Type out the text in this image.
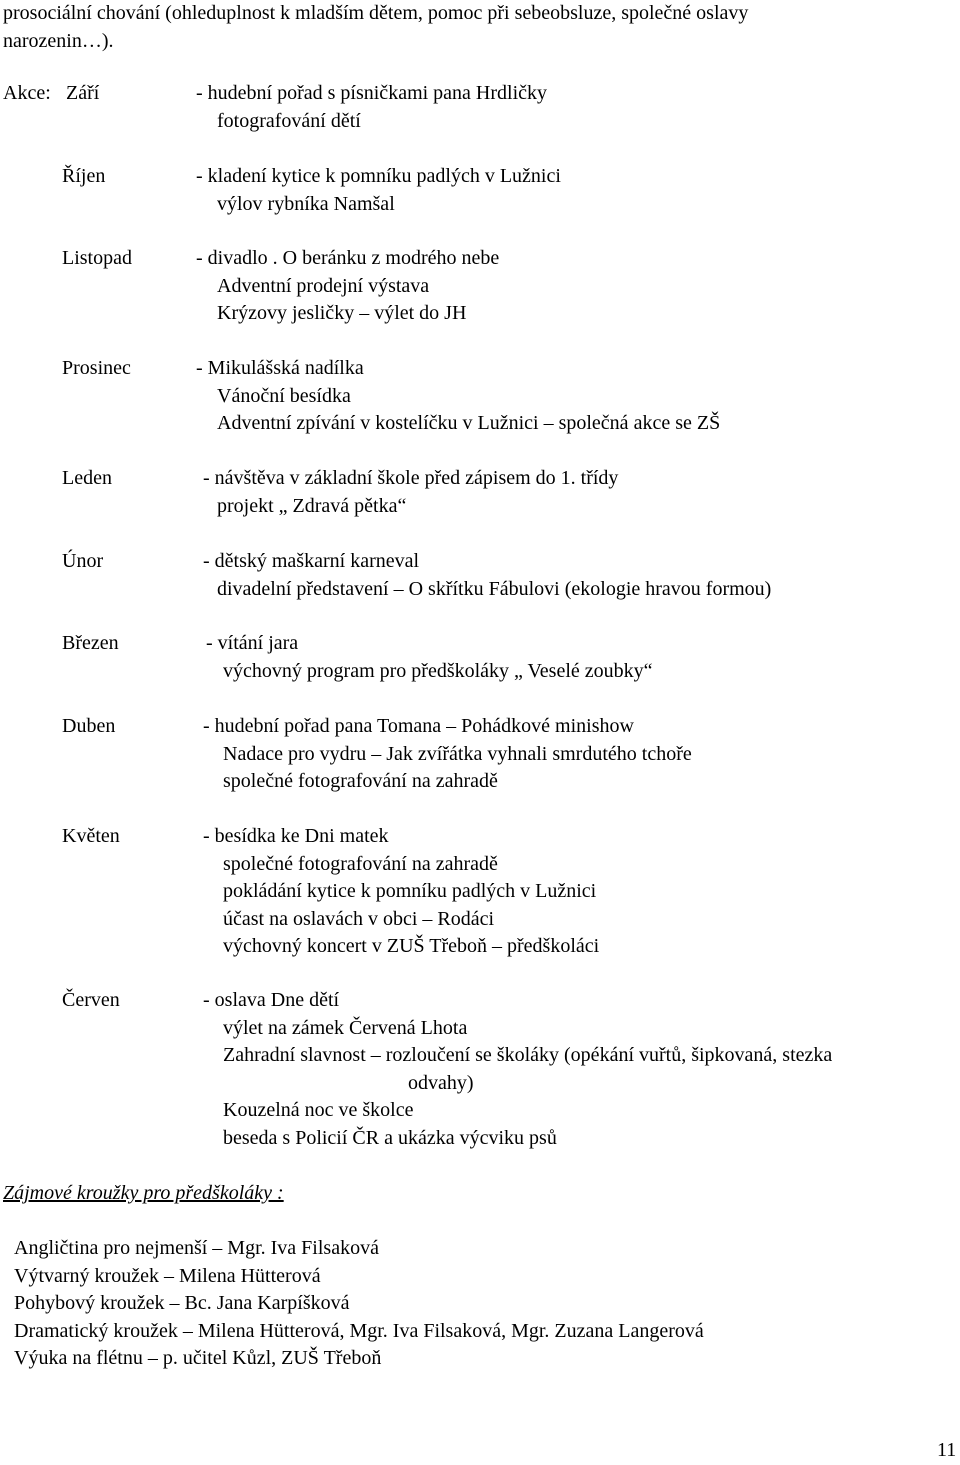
prosociální chování (ohleduplnost k mladším dětem, pomoc při sebeobsluze, společné oslavy
narozenin…).
Akce: Září	- hudební pořad s písničkami pana Hrdličky
fotografování dětí
Říjen	- kladení kytice k pomníku padlých v Lužnici
výlov rybníka Namšal
Listopad	- divadlo . O beránku z modrého nebe
Adventní prodejní výstava
Krýzovy jesličky – výlet do JH
Prosinec	- Mikulášská nadílka
Vánoční besídka
Adventní zpívání v kostelíčku v Lužnici – společná akce se ZŠ
Leden	- návštěva v základní škole před zápisem do 1. třídy
projekt „ Zdravá pětka“
Únor	- dětský maškarní karneval
divadelní představení – O skřítku Fábulovi (ekologie hravou formou)
Březen	- vítání jara
výchovný program pro předškoláky „ Veselé zoubky“
Duben	- hudební pořad pana Tomana – Pohádkové minishow
Nadace pro vydru – Jak zvířátka vyhnali smrdutého tchoře
společné fotografování na zahradě
Květen	- besídka ke Dni matek
společné fotografování na zahradě
pokládání kytice k pomníku padlých v Lužnici
účast na oslavách v obci – Rodáci
výchovný koncert v ZUŠ Třeboň – předškoláci
Červen	- oslava Dne dětí
výlet na zámek Červená Lhota
Zahradní slavnost – rozloučení se školáky (opékání vuřtů, šipkovaná, stezka
odvahy)
Kouzelná noc ve školce
beseda s Policií ČR a ukázka výcviku psů
Zájmové kroužky pro předškoláky :
Angličtina pro nejmenší – Mgr. Iva Filsaková
Výtvarný kroužek – Milena Hütterová
Pohybový kroužek – Bc. Jana Karpíšková
Dramatický kroužek – Milena Hütterová, Mgr. Iva Filsaková, Mgr. Zuzana Langerová
Výuka na flétnu – p. učitel Kůzl, ZUŠ Třeboň
11
